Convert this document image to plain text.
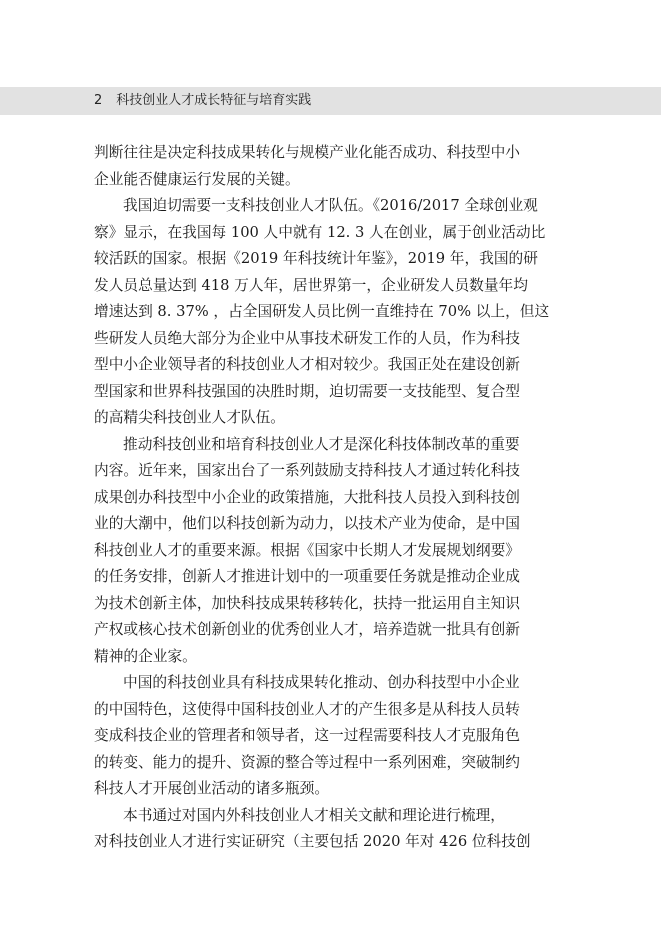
2 科技创业人才成长特征与培育实践
判断往往是决定科技成果转化与规模产业化能否成功、科技型中小
企业能否健康运行发展的关键。
我国迫切需要一支科技创业人才队伍。《2016/2017 全球创业观
察》显示，在我国每 100 人中就有 12. 3 人在创业，属于创业活动比
较活跃的国家。根据《2019 年科技统计年鉴》，2019 年，我国的研
发人员总量达到 418 万人年，居世界第一，企业研发人员数量年均
增速达到 8. 37% ，占全国研发人员比例一直维持在 70% 以上，但这
些研发人员绝大部分为企业中从事技术研发工作的人员，作为科技
型中小企业领导者的科技创业人才相对较少。我国正处在建设创新
型国家和世界科技强国的决胜时期，迫切需要一支技能型、复合型
的高精尖科技创业人才队伍。
推动科技创业和培育科技创业人才是深化科技体制改革的重要
内容。近年来，国家出台了一系列鼓励支持科技人才通过转化科技
成果创办科技型中小企业的政策措施，大批科技人员投入到科技创
业的大潮中，他们以科技创新为动力，以技术产业为使命，是中国
科技创业人才的重要来源。根据《国家中长期人才发展规划纲要》
的任务安排，创新人才推进计划中的一项重要任务就是推动企业成
为技术创新主体，加快科技成果转移转化，扶持一批运用自主知识
产权或核心技术创新创业的优秀创业人才，培养造就一批具有创新
精神的企业家。
中国的科技创业具有科技成果转化推动、创办科技型中小企业
的中国特色，这使得中国科技创业人才的产生很多是从科技人员转
变成科技企业的管理者和领导者，这一过程需要科技人才克服角色
的转变、能力的提升、资源的整合等过程中一系列困难，突破制约
科技人才开展创业活动的诸多瓶颈。
本书通过对国内外科技创业人才相关文献和理论进行梳理，
对科技创业人才进行实证研究（主要包括 2020 年对 426 位科技创
